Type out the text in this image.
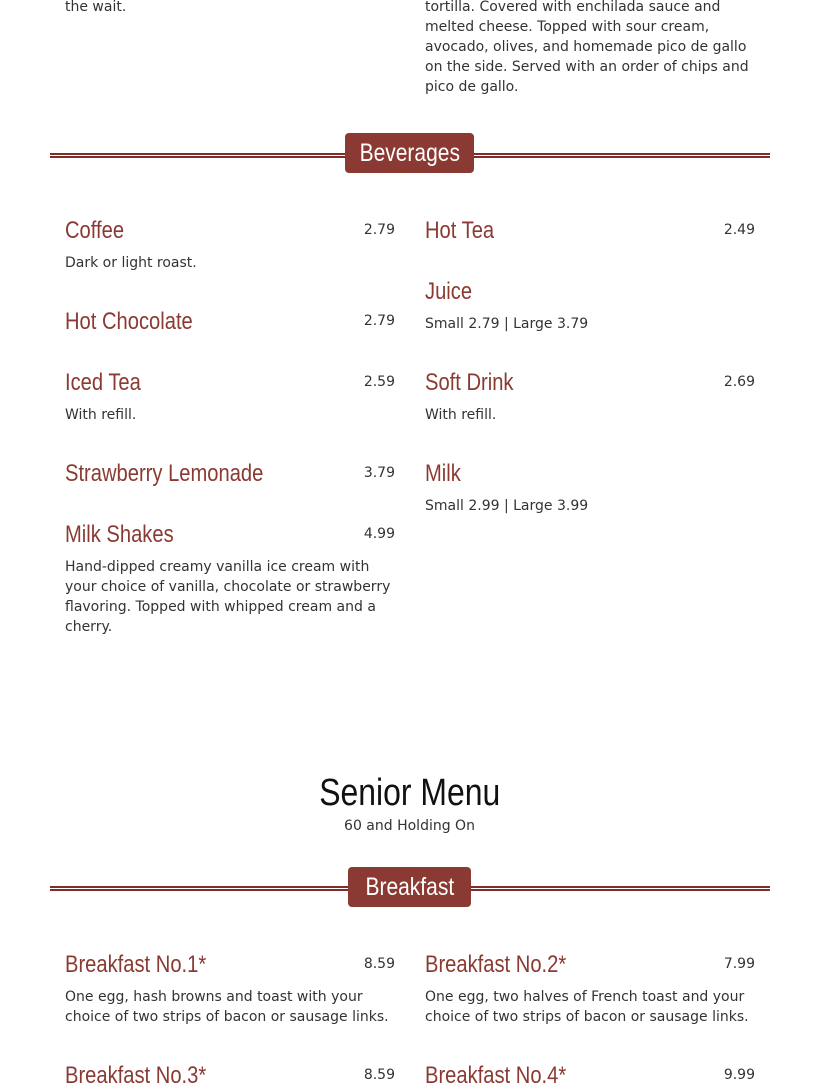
the wait.	tortilla. Covered with enchilada sauce and melted cheese. Topped with sour cream, avocado, olives, and homemade pico de gallo on the side. Served with an order of chips and pico de gallo.
Beverages
Coffee	2.79
Dark or light roast.
Hot Tea	2.49
Juice
Small 2.79 | Large 3.79
Hot Chocolate	2.79
Iced Tea	2.59
With refill.
Soft Drink	2.69
With refill.
Strawberry Lemonade	3.79 Milk
Small 2.99 | Large 3.99
Milk Shakes	4.99
Hand-dipped creamy vanilla ice cream with your choice of vanilla, chocolate or strawberry flavoring. Topped with whipped cream and a cherry.
Senior Menu
60 and Holding On
Breakfast
Breakfast No.1*	8.59
One egg, hash browns and toast with your choice of two strips of bacon or sausage links.
Breakfast No.2*	7.99
One egg, two halves of French toast and your choice of two strips of bacon or sausage links.
Breakfast No.3*	8.59 Breakfast No.4*	9.99
